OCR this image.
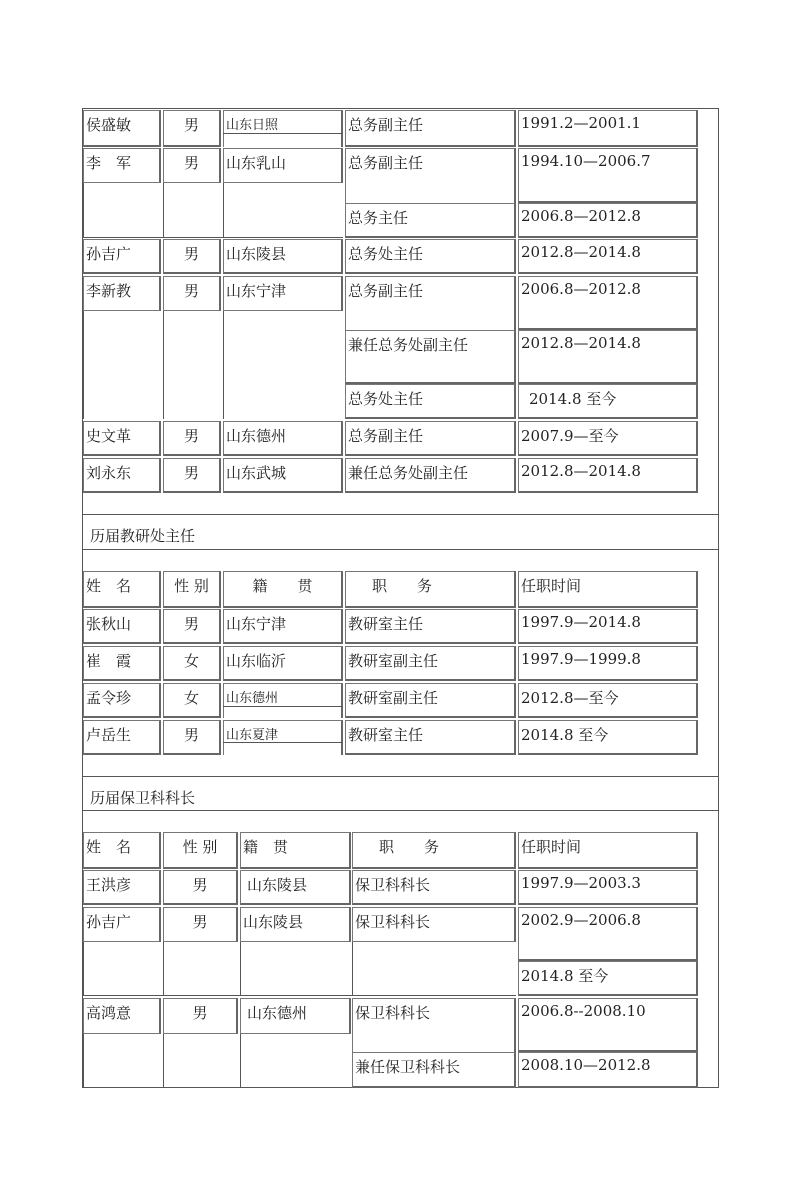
侯盛敏	男	山东日照	总务副主任	1991.2—2001.1
李　军	男	山东乳山	总务副主任	1994.10—2006.7
总务主任	2006.8—2012.8
孙吉广	男	山东陵县	总务处主任	2012.8—2014.8
李新教	男	山东宁津	总务副主任	2006.8—2012.8
兼任总务处副主任	2012.8—2014.8
总务处主任	2014.8 至今
史文革	男	山东德州	总务副主任	2007.9—至今
刘永东	男	山东武城	兼任总务处副主任	2012.8—2014.8
历届教研处主任
姓　名	性 别	籍　　贯	职　　务	任职时间
张秋山	男	山东宁津	教研室主任	1997.9—2014.8
崔　霞	女	山东临沂	教研室副主任	1997.9—1999.8
孟令珍	女	山东德州	教研室副主任	2012.8—至今
卢岳生	男	山东夏津	教研室主任	2014.8 至今
历届保卫科科长
姓　名	性 别	籍　贯	职　　务	任职时间
王洪彦	男	山东陵县	保卫科科长	1997.9—2003.3
孙吉广	男	山东陵县	保卫科科长	2002.9—2006.8
2014.8 至今
高鸿意	男	山东德州	保卫科科长	2006.8--2008.10
兼任保卫科科长	2008.10—2012.8
